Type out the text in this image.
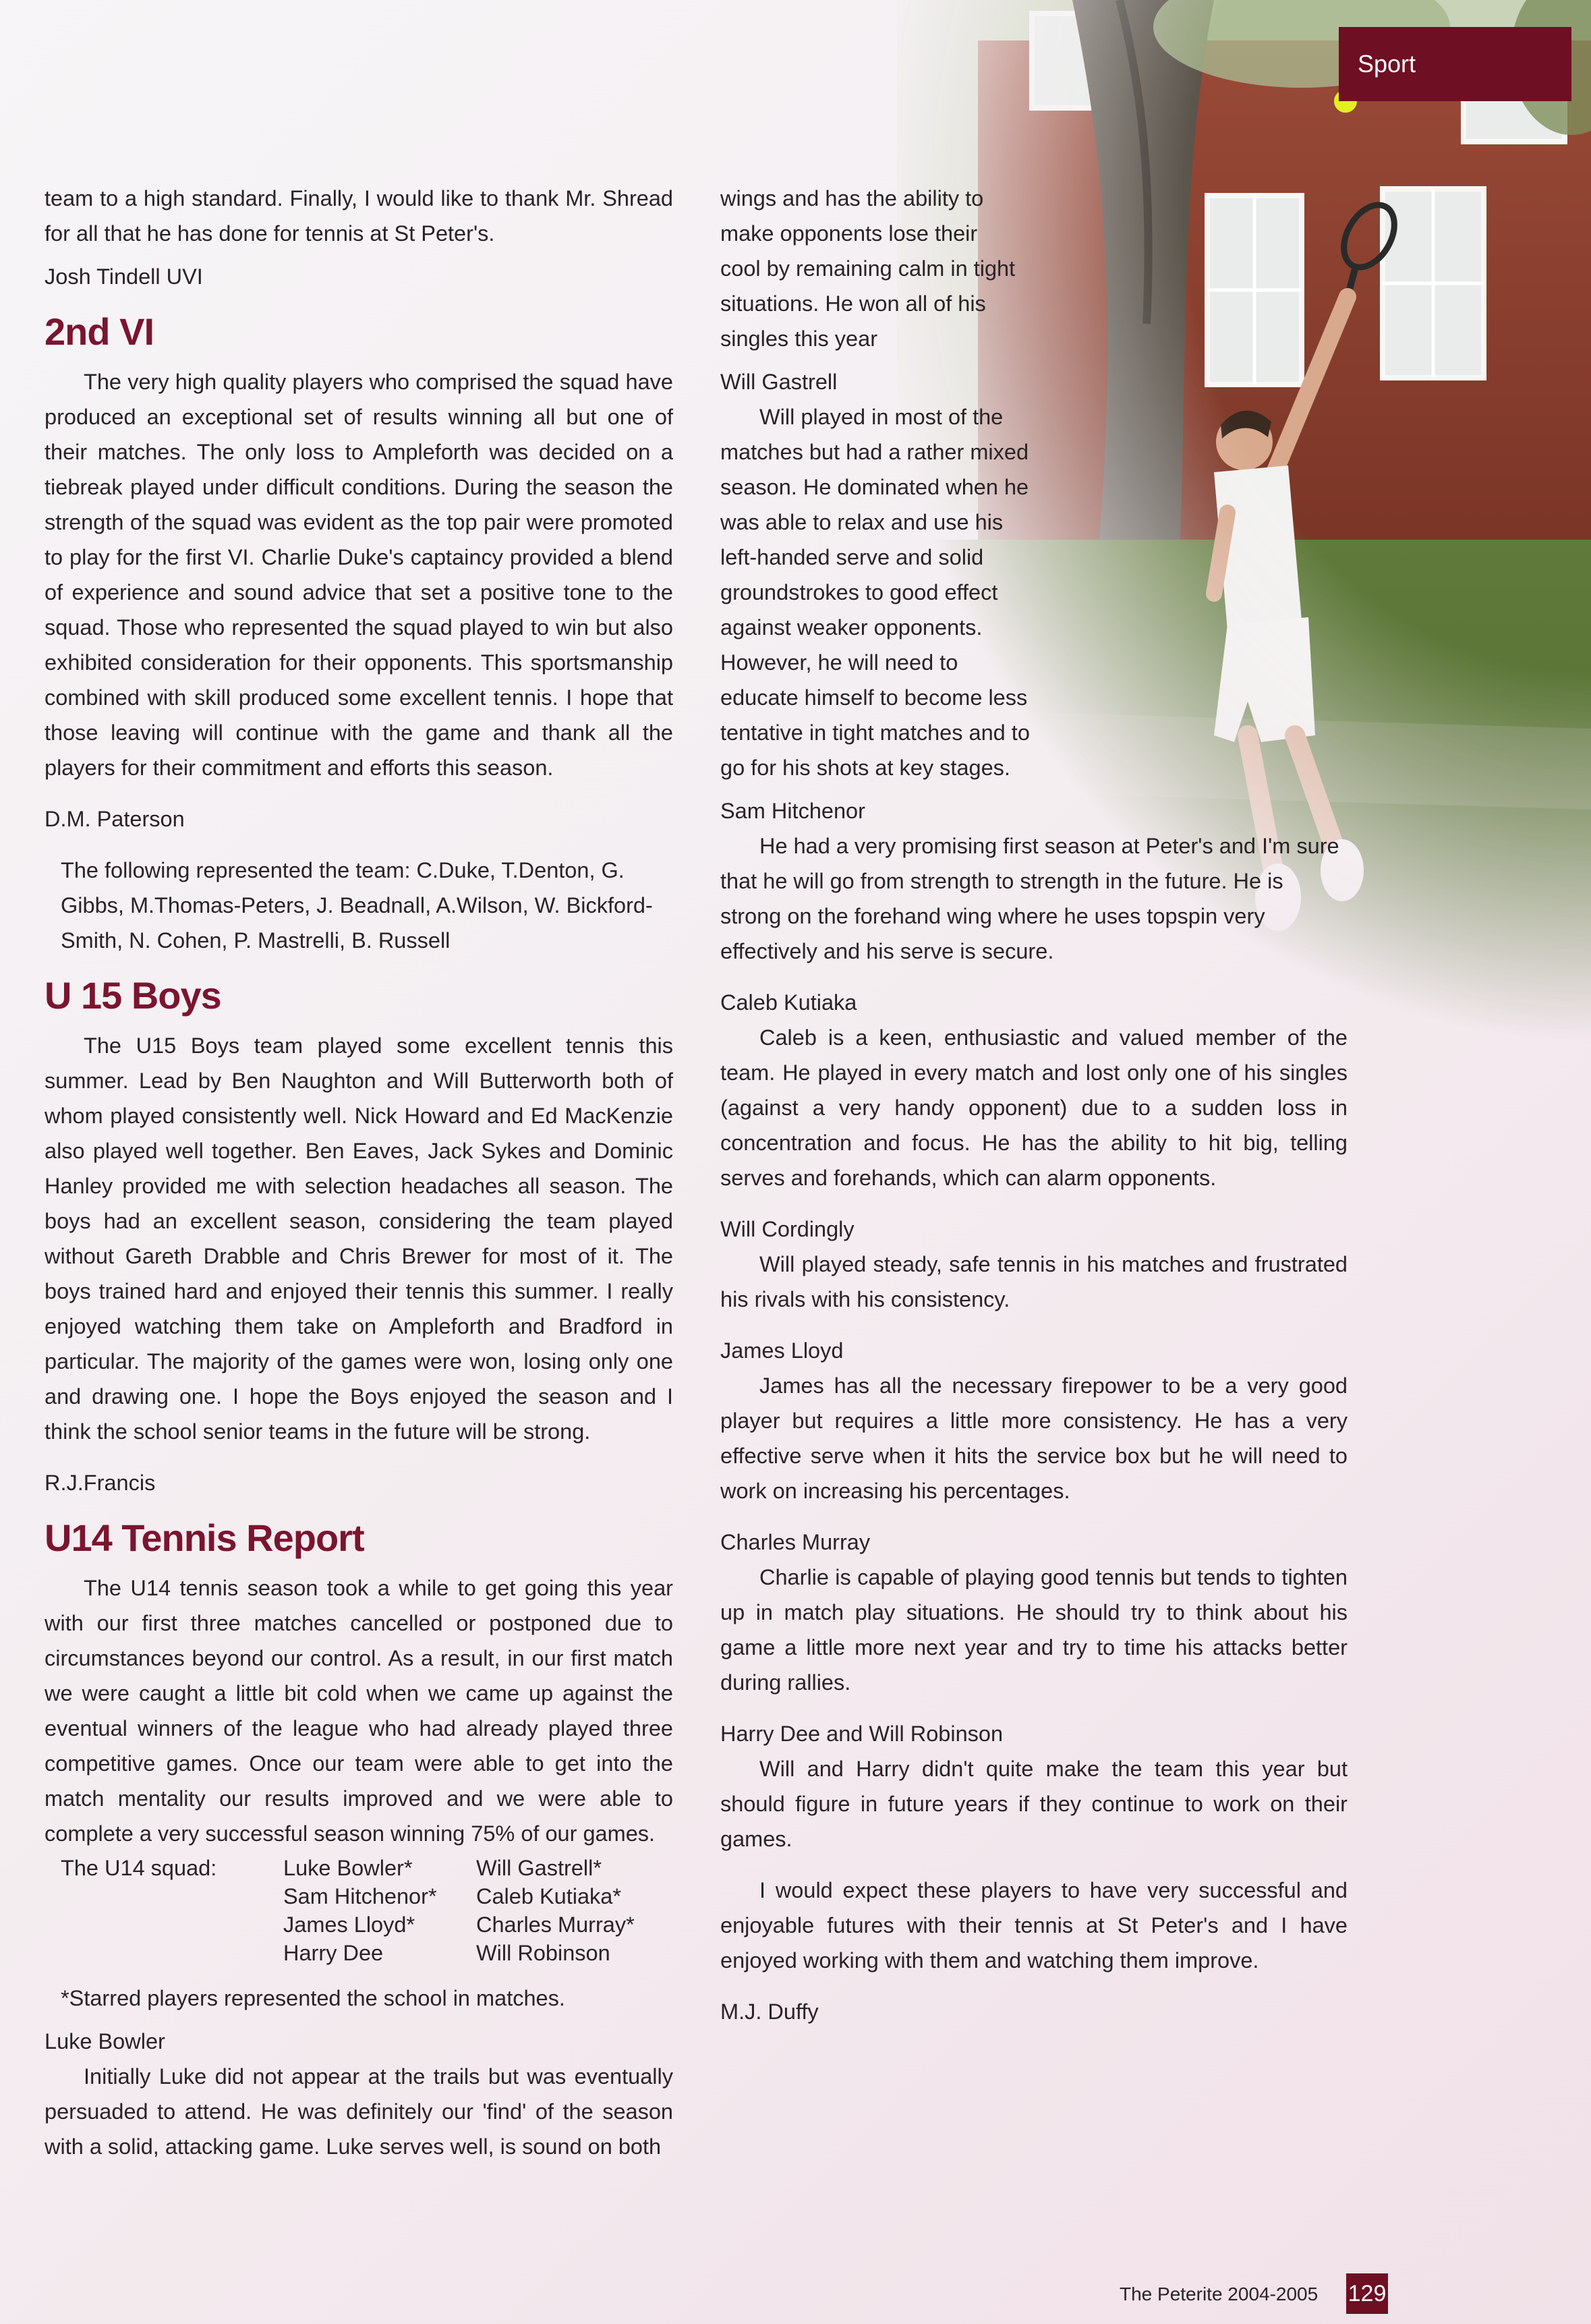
Sport

team to a high standard. Finally, I would like to thank Mr. Shread for all that he has done for tennis at St Peter's.

Josh Tindell UVI

2nd VI

The very high quality players who comprised the squad have produced an exceptional set of results winning all but one of their matches. The only loss to Ampleforth was decided on a tiebreak played under difficult conditions. During the season the strength of the squad was evident as the top pair were promoted to play for the first VI. Charlie Duke's captaincy provided a blend of experience and sound advice that set a positive tone to the squad. Those who represented the squad played to win but also exhibited consideration for their opponents. This sportsmanship combined with skill produced some excellent tennis. I hope that those leaving will continue with the game and thank all the players for their commitment and efforts this season.

D.M. Paterson

The following represented the team: C.Duke, T.Denton, G. Gibbs, M.Thomas-Peters, J. Beadnall, A.Wilson, W. Bickford-Smith, N. Cohen, P. Mastrelli, B. Russell

U 15 Boys

The U15 Boys team played some excellent tennis this summer. Lead by Ben Naughton and Will Butterworth both of whom played consistently well. Nick Howard and Ed MacKenzie also played well together. Ben Eaves, Jack Sykes and Dominic Hanley provided me with selection headaches all season. The boys had an excellent season, considering the team played without Gareth Drabble and Chris Brewer for most of it. The boys trained hard and enjoyed their tennis this summer. I really enjoyed watching them take on Ampleforth and Bradford in particular. The majority of the games were won, losing only one and drawing one. I hope the Boys enjoyed the season and I think the school senior teams in the future will be strong.

R.J.Francis

U14 Tennis Report

The U14 tennis season took a while to get going this year with our first three matches cancelled or postponed due to circumstances beyond our control. As a result, in our first match we were caught a little bit cold when we came up against the eventual winners of the league who had already played three competitive games. Once our team were able to get into the match mentality our results improved and we were able to complete a very successful season winning 75% of our games.

The U14 squad:	Luke Bowler*
Sam Hitchenor*
James Lloyd*
Harry Dee
Will Gastrell*
Caleb Kutiaka*
Charles Murray*
Will Robinson

*Starred players represented the school in matches.

Luke Bowler

Initially Luke did not appear at the trails but was eventually persuaded to attend. He was definitely our 'find' of the season with a solid, attacking game. Luke serves well, is sound on both

wings and has the ability to make opponents lose their cool by remaining calm in tight situations. He won all of his singles this year

Will Gastrell

Will played in most of the matches but had a rather mixed season. He dominated when he was able to relax and use his left-handed serve and solid groundstrokes to good effect against weaker opponents. However, he will need to educate himself to become less tentative in tight matches and to go for his shots at key stages.

Sam Hitchenor

He had a very promising first season at Peter's and I'm sure that he will go from strength to strength in the future. He is strong on the forehand wing where he uses topspin very effectively and his serve is secure.

Caleb Kutiaka

Caleb is a keen, enthusiastic and valued member of the team. He played in every match and lost only one of his singles (against a very handy opponent) due to a sudden loss in concentration and focus. He has the ability to hit big, telling serves and forehands, which can alarm opponents.

Will Cordingly

Will played steady, safe tennis in his matches and frustrated his rivals with his consistency.

James Lloyd

James has all the necessary firepower to be a very good player but requires a little more consistency. He has a very effective serve when it hits the service box but he will need to work on increasing his percentages.

Charles Murray

Charlie is capable of playing good tennis but tends to tighten up in match play situations. He should try to think about his game a little more next year and try to time his attacks better during rallies.

Harry Dee and Will Robinson

Will and Harry didn't quite make the team this year but should figure in future years if they continue to work on their games.

I would expect these players to have very successful and enjoyable futures with their tennis at St Peter's and I have enjoyed working with them and watching them improve.

M.J. Duffy

The Peterite 2004-2005 129
